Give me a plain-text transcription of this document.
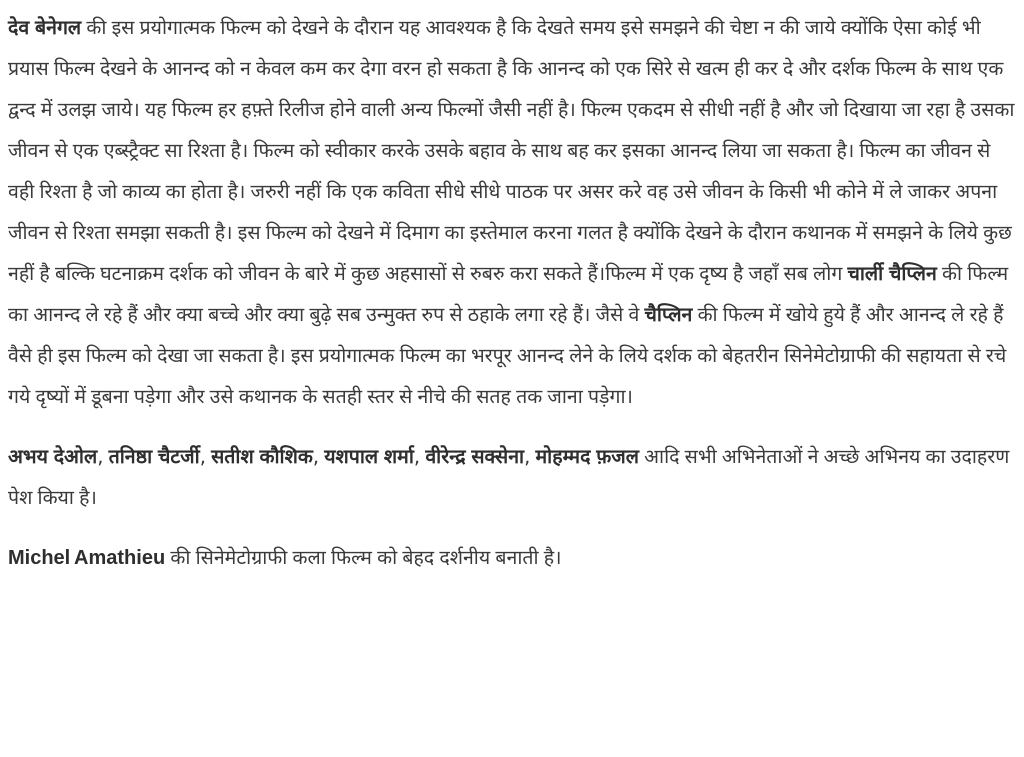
देव बेनेगल की इस प्रयोगात्मक फिल्म को देखने के दौरान यह आवश्यक है कि देखते समय इसे समझने की चेष्टा न की जाये क्योंकि ऐसा कोई भी प्रयास फिल्म देखने के आनन्द को न केवल कम कर देगा वरन हो सकता है कि आनन्द को एक सिरे से खत्म ही कर दे और दर्शक फिल्म के साथ एक द्वन्द में उलझ जाये। यह फिल्म हर हफ़्ते रिलीज होने वाली अन्य फिल्मों जैसी नहीं है। फिल्म एकदम से सीधी नहीं है और जो दिखाया जा रहा है उसका जीवन से एक एब्स्ट्रैक्ट सा रिश्ता है। फिल्म को स्वीकार करके उसके बहाव के साथ बह कर इसका आनन्द लिया जा सकता है। फिल्म का जीवन से वही रिश्ता है जो काव्य का होता है। जरुरी नहीं कि एक कविता सीधे सीधे पाठक पर असर करे वह उसे जीवन के किसी भी कोने में ले जाकर अपना जीवन से रिश्ता समझा सकती है। इस फिल्म को देखने में दिमाग का इस्तेमाल करना गलत है क्योंकि देखने के दौरान कथानक में समझने के लिये कुछ नहीं है बल्कि घटनाक्रम दर्शक को जीवन के बारे में कुछ अहसासों से रुबरु करा सकते हैं।फिल्म में एक दृष्य है जहाँ सब लोग चार्ली चैप्लिन की फिल्म का आनन्द ले रहे हैं और क्या बच्चे और क्या बुढ़े सब उन्मुक्त रुप से ठहाके लगा रहे हैं। जैसे वे चैप्लिन की फिल्म में खोये हुये हैं और आनन्द ले रहे हैं वैसे ही इस फिल्म को देखा जा सकता है। इस प्रयोगात्मक फिल्म का भरपूर आनन्द लेने के लिये दर्शक को बेहतरीन सिनेमेटोग्राफी की सहायता से रचे गये दृष्यों में डूबना पड़ेगा और उसे कथानक के सतही स्तर से नीचे की सतह तक जाना पड़ेगा।

अभय देओल, तनिष्ठा चैटर्जी, सतीश कौशिक, यशपाल शर्मा, वीरेन्द्र सक्सेना, मोहम्मद फ़जल आदि सभी अभिनेताओं ने अच्छे अभिनय का उदाहरण पेश किया है।

Michel Amathieu की सिनेमेटोग्राफी कला फिल्म को बेहद दर्शनीय बनाती है।
